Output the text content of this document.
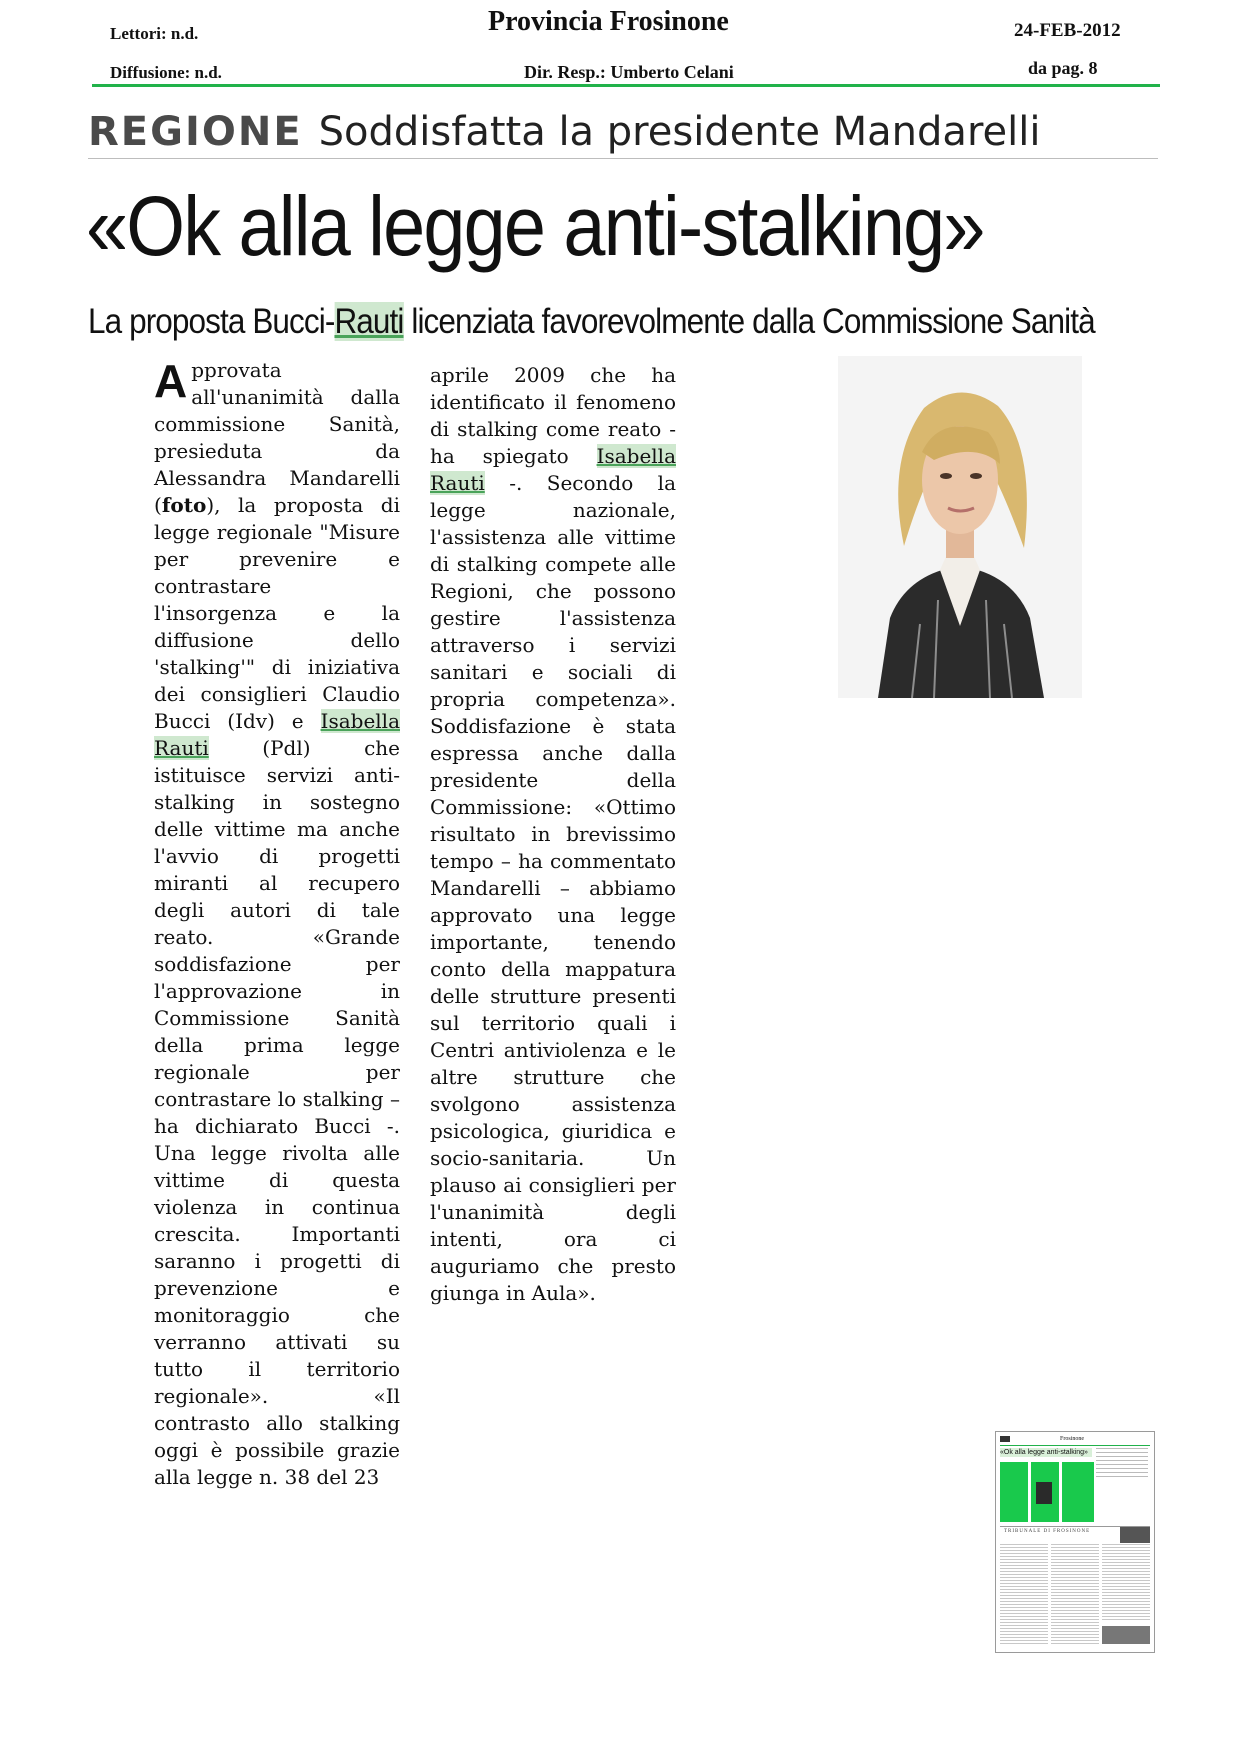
Lettori: n.d.
Diffusione: n.d.
Provincia Frosinone
Dir. Resp.: Umberto Celani
24-FEB-2012
da pag. 8
REGIONE Soddisfatta la presidente Mandarelli
«Ok alla legge anti-stalking»
La proposta Bucci-Rauti licenziata favorevolmente dalla Commissione Sanità

Approvata all'unanimità dalla commissione Sanità, presieduta da Alessandra Mandarelli (foto), la proposta di legge regionale "Misure per prevenire e contrastare l'insorgenza e la diffusione dello 'stalking'" di iniziativa dei consiglieri Claudio Bucci (Idv) e Isabella Rauti (Pdl) che istituisce servizi anti-stalking in sostegno delle vittime ma anche l'avvio di progetti miranti al recupero degli autori di tale reato. «Grande soddisfazione per l'approvazione in Commissione Sanità della prima legge regionale per contrastare lo stalking – ha dichiarato Bucci -. Una legge rivolta alle vittime di questa violenza in continua crescita. Importanti saranno i progetti di prevenzione e monitoraggio che verranno attivati su tutto il territorio regionale». «Il contrasto allo stalking oggi è possibile grazie alla legge n. 38 del 23

aprile 2009 che ha identificato il fenomeno di stalking come reato - ha spiegato Isabella Rauti -. Secondo la legge nazionale, l'assistenza alle vittime di stalking compete alle Regioni, che possono gestire l'assistenza attraverso i servizi sanitari e sociali di propria competenza». Soddisfazione è stata espressa anche dalla presidente della Commissione: «Ottimo risultato in brevissimo tempo – ha commentato Mandarelli – abbiamo approvato una legge importante, tenendo conto della mappatura delle strutture presenti sul territorio quali i Centri antiviolenza e le altre strutture che svolgono assistenza psicologica, giuridica e socio-sanitaria. Un plauso ai consiglieri per l'unanimità degli intenti, ora ci auguriamo che presto giunga in Aula».

Frosinone
«Ok alla legge anti-stalking»
TRIBUNALE DI FROSINONE
